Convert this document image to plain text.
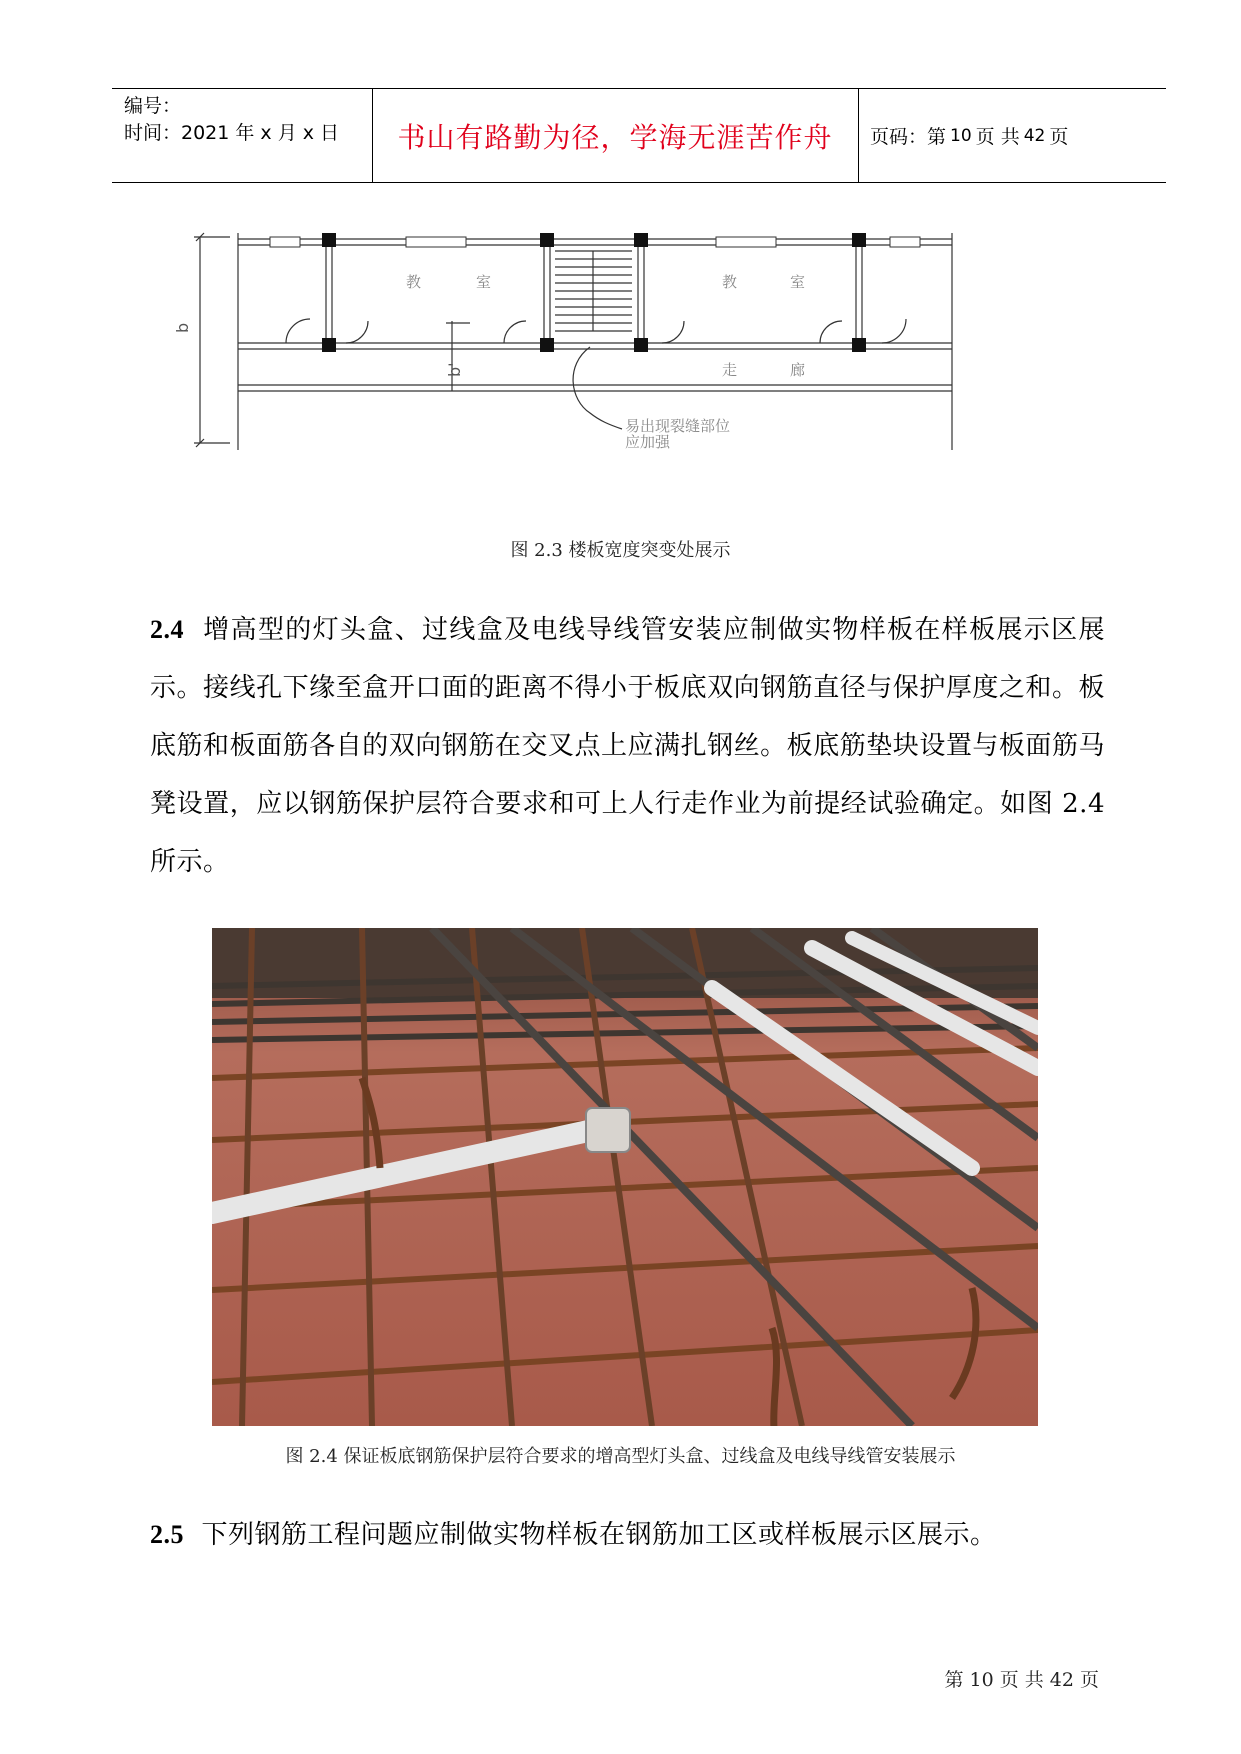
编号：
时间：2021 年 x 月 x 日	书山有路勤为径，学海无涯苦作舟	页码：第 10 页 共 42 页
教	室	教	室
走	廊
易出现裂缝部位
应加强
b
b'
图 2.3 楼板宽度突变处展示
2.4 增高型的灯头盒、过线盒及电线导线管安装应制做实物样板在样板展示区展示。接线孔下缘至盒开口面的距离不得小于板底双向钢筋直径与保护厚度之和。板底筋和板面筋各自的双向钢筋在交叉点上应满扎钢丝。板底筋垫块设置与板面筋马凳设置，应以钢筋保护层符合要求和可上人行走作业为前提经试验确定。如图 2.4 所示。
图 2.4 保证板底钢筋保护层符合要求的增高型灯头盒、过线盒及电线导线管安装展示
2.5 下列钢筋工程问题应制做实物样板在钢筋加工区或样板展示区展示。
第 10 页 共 42 页
